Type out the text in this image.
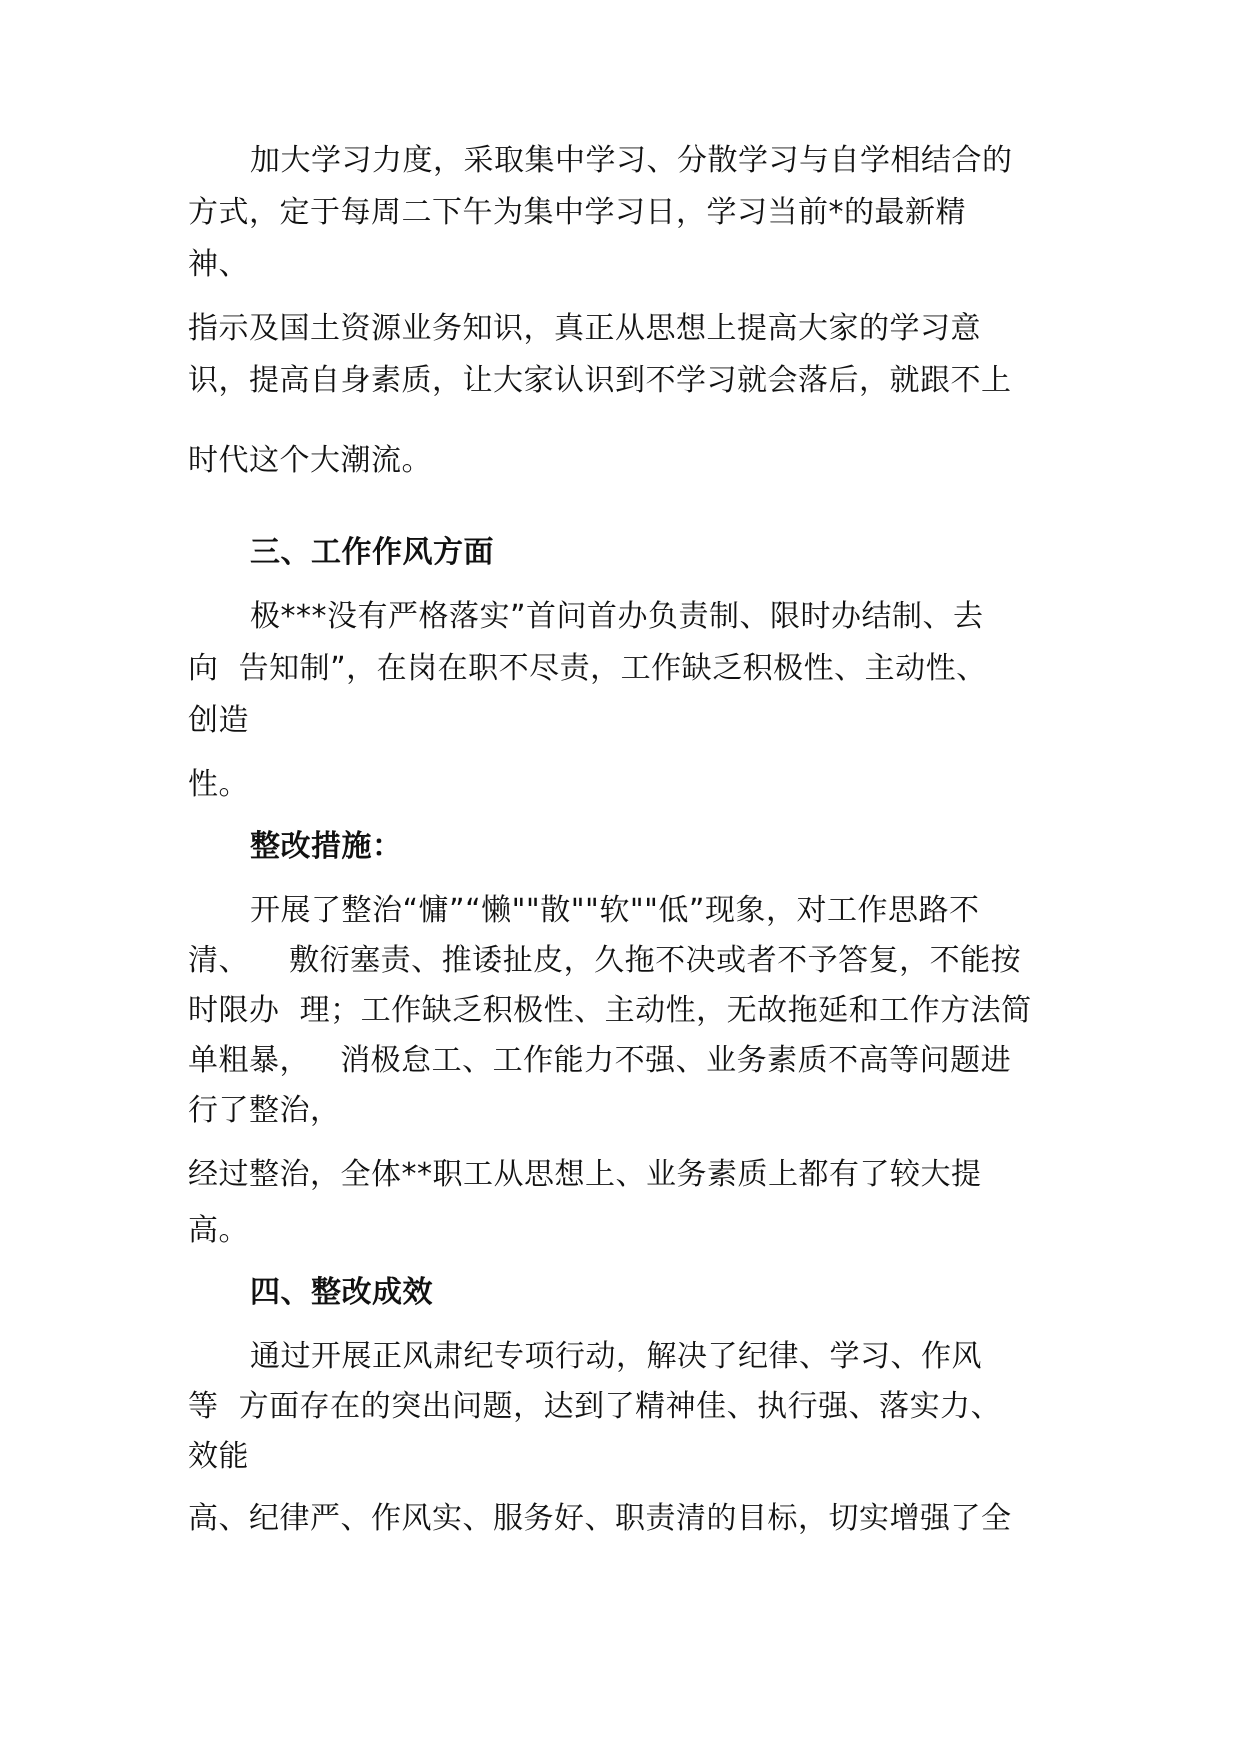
加大学习力度，采取集中学习、分散学习与自学相结合的
方式，定于每周二下午为集中学习日，学习当前*的最新精
神、
指示及国土资源业务知识，真正从思想上提高大家的学习意
识，提高自身素质，让大家认识到不学习就会落后，就跟不上
时代这个大潮流。
三、工作作风方面
极***没有严格落实”首问首办负责制、限时办结制、去
向  告知制”，在岗在职不尽责，工作缺乏积极性、主动性、
创造
性。
整改措施：
开展了整治“慵”“懒""散""软""低”现象，对工作思路不
清、    敷衍塞责、推诿扯皮，久拖不决或者不予答复，不能按
时限办  理；工作缺乏积极性、主动性，无故拖延和工作方法简
单粗暴，   消极怠工、工作能力不强、业务素质不高等问题进
行了整治，
经过整治，全体**职工从思想上、业务素质上都有了较大提
高。
四、整改成效
通过开展正风肃纪专项行动，解决了纪律、学习、作风
等  方面存在的突出问题，达到了精神佳、执行强、落实力、
效能
高、纪律严、作风实、服务好、职责清的目标，切实增强了全
